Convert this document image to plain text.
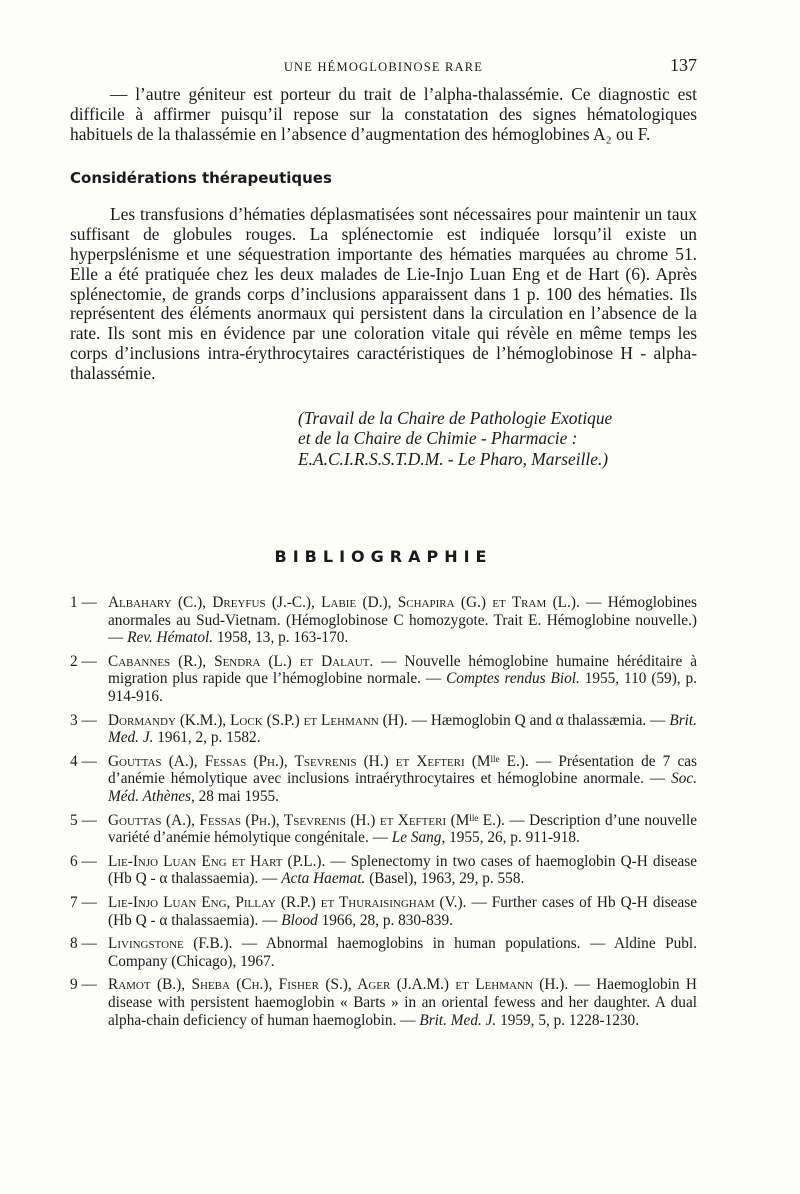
UNE HÉMOGLOBINOSE RARE	137

— l’autre géniteur est porteur du trait de l’alpha-thalassémie. Ce diagnostic est difficile à affirmer puisqu’il repose sur la constatation des signes hématologiques habituels de la thalassémie en l’absence d’augmentation des hémoglobines A₂ ou F.

Considérations thérapeutiques

Les transfusions d’hématies déplasmatisées sont nécessaires pour maintenir un taux suffisant de globules rouges. La splénectomie est indiquée lorsqu’il existe un hyperpslénisme et une séquestration importante des hématies marquées au chrome 51. Elle a été pratiquée chez les deux malades de Lie-Injo Luan Eng et de Hart (6). Après splénectomie, de grands corps d’inclusions apparaissent dans 1 p. 100 des hématies. Ils représentent des éléments anormaux qui persistent dans la circulation en l’absence de la rate. Ils sont mis en évidence par une coloration vitale qui révèle en même temps les corps d’inclusions intra-érythrocytaires caractéristiques de l’hémoglobinose H - alpha-thalassémie.

(Travail de la Chaire de Pathologie Exotique
et de la Chaire de Chimie - Pharmacie :
E.A.C.I.R.S.S.T.D.M. - Le Pharo, Marseille.)
BIBLIOGRAPHIE
1 — Albahary (C.), Dreyfus (J.-C.), Labie (D.), Schapira (G.) et Tram (L.). — Hémoglobines anormales au Sud-Vietnam. (Hémoglobinose C homozygote. Trait E. Hémoglobine nouvelle.) — Rev. Hématol. 1958, 13, p. 163-170.
2 — Cabannes (R.), Sendra (L.) et Dalaut. — Nouvelle hémoglobine humaine héréditaire à migration plus rapide que l’hémoglobine normale. — Comptes rendus Biol. 1955, 110 (59), p. 914-916.
3 — Dormandy (K.M.), Lock (S.P.) et Lehmann (H). — Hæmoglobin Q and α thalassæmia. — Brit. Med. J. 1961, 2, p. 1582.
4 — Gouttas (A.), Fessas (Ph.), Tsevrenis (H.) et Xefteri (Mˡˡᵉ E.). — Présentation de 7 cas d’anémie hémolytique avec inclusions intraérythrocytaires et hémoglobine anormale. — Soc. Méd. Athènes, 28 mai 1955.
5 — Gouttas (A.), Fessas (Ph.), Tsevrenis (H.) et Xefteri (Mˡˡᵉ E.). — Description d’une nouvelle variété d’anémie hémolytique congénitale. — Le Sang, 1955, 26, p. 911-918.
6 — Lie-Injo Luan Eng et Hart (P.L.). — Splenectomy in two cases of haemoglobin Q-H disease (Hb Q - α thalassaemia). — Acta Haemat. (Basel), 1963, 29, p. 558.
7 — Lie-Injo Luan Eng, Pillay (R.P.) et Thuraisingham (V.). — Further cases of Hb Q-H disease (Hb Q - α thalassaemia). — Blood 1966, 28, p. 830-839.
8 — Livingstone (F.B.). — Abnormal haemoglobins in human populations. — Aldine Publ. Company (Chicago), 1967.
9 — Ramot (B.), Sheba (Ch.), Fisher (S.), Ager (J.A.M.) et Lehmann (H.). — Haemoglobin H disease with persistent haemoglobin « Barts » in an oriental fewess and her daughter. A dual alpha-chain deficiency of human haemoglobin. — Brit. Med. J. 1959, 5, p. 1228-1230.
